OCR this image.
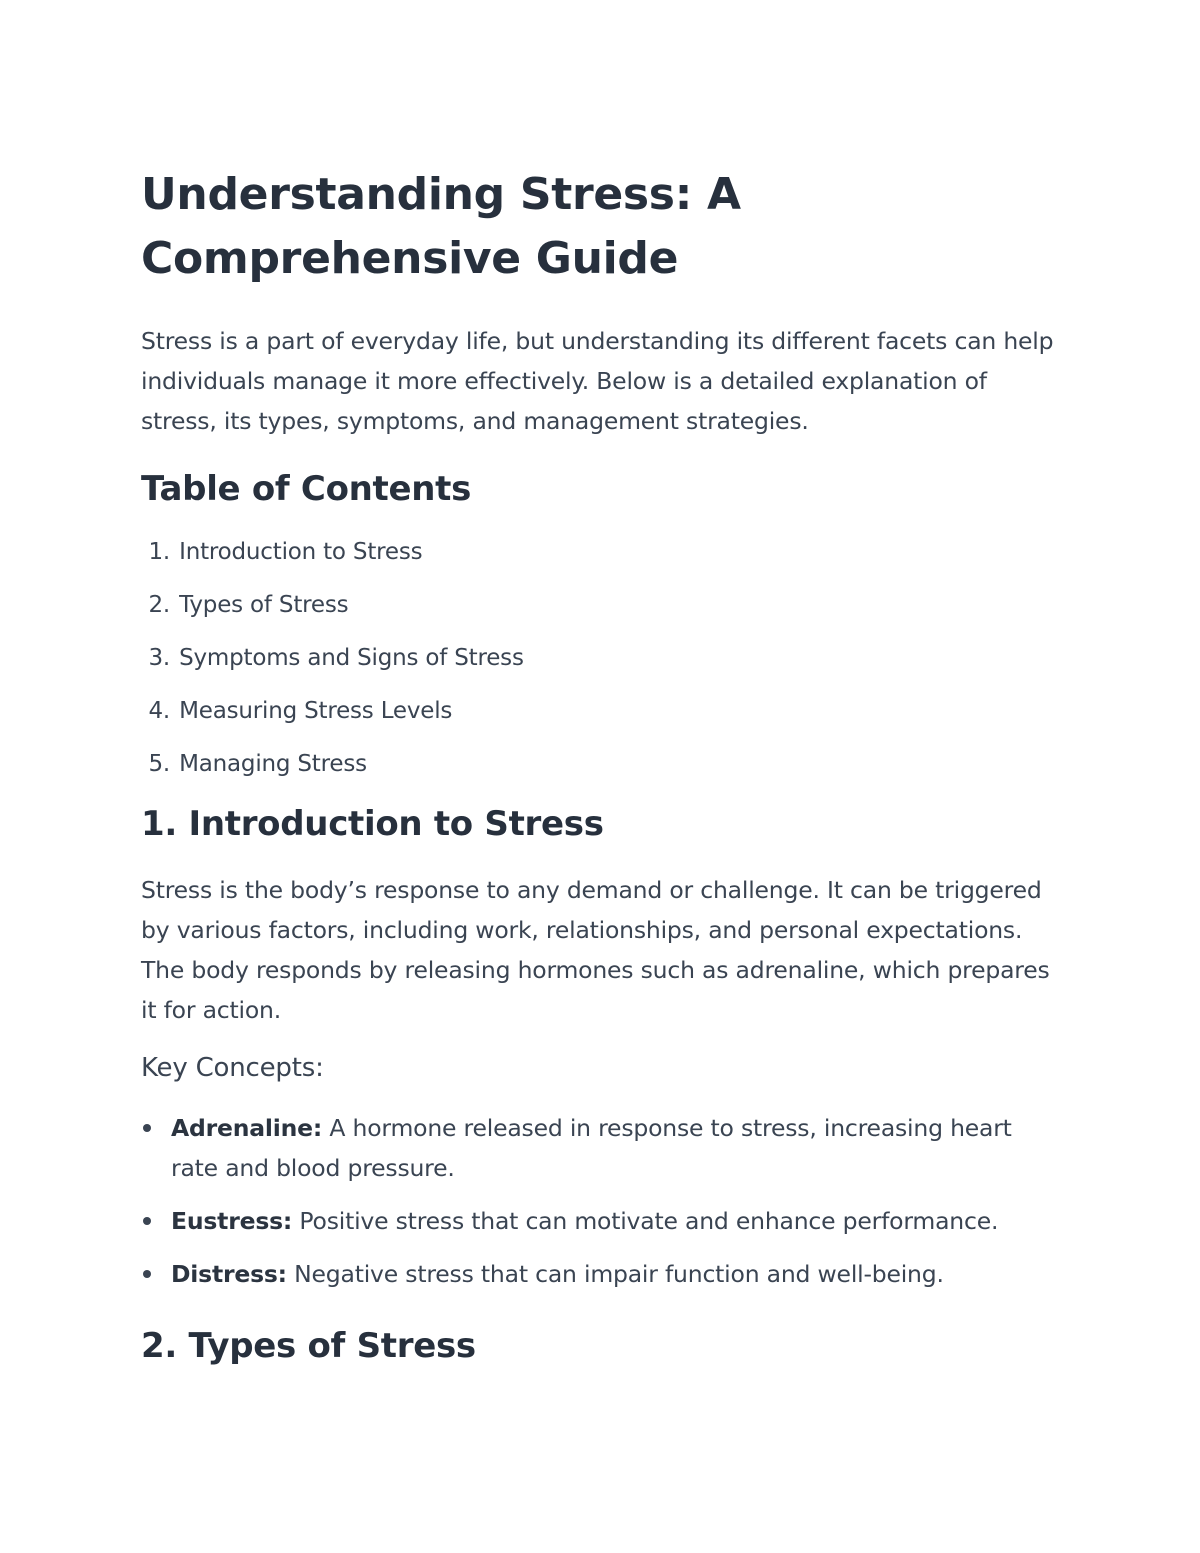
Understanding Stress: A
Comprehensive Guide

Stress is a part of everyday life, but understanding its different facets can help individuals manage it more effectively. Below is a detailed explanation of stress, its types, symptoms, and management strategies.

Table of Contents
1. Introduction to Stress
2. Types of Stress
3. Symptoms and Signs of Stress
4. Measuring Stress Levels
5. Managing Stress
1. Introduction to Stress

Stress is the body’s response to any demand or challenge. It can be triggered by various factors, including work, relationships, and personal expectations. The body responds by releasing hormones such as adrenaline, which prepares it for action.

Key Concepts:
Adrenaline: A hormone released in response to stress, increasing heart rate and blood pressure.
Eustress: Positive stress that can motivate and enhance performance.
Distress: Negative stress that can impair function and well-being.
2. Types of Stress
